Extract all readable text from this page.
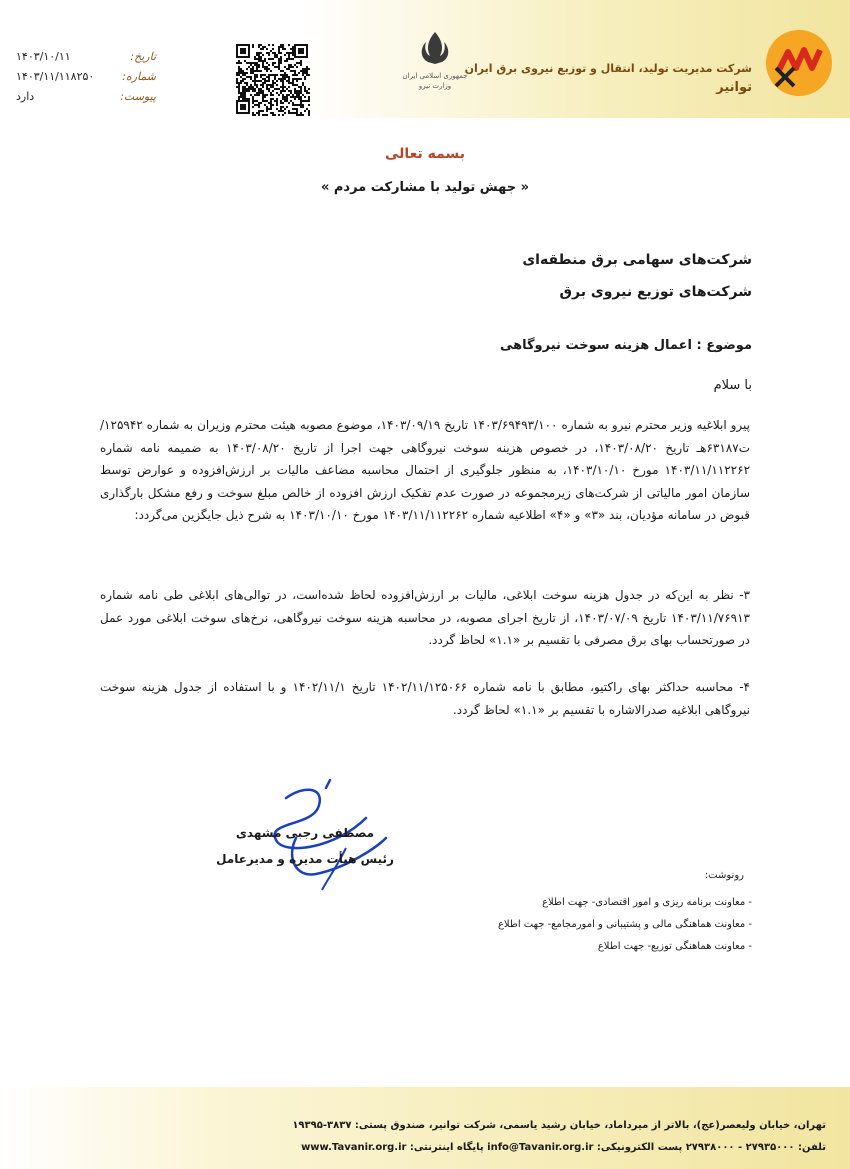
شرکت مدیریت تولید، انتقال و توزیع نیروی برق ایران
توانیر
جمهوری اسلامی ایران
وزارت نیرو
تاریخ:
۱۴۰۳/۱۰/۱۱
شماره:
۱۴۰۳/۱۱/۱۱۸۲۵۰
پیوست:
دارد
بسمه تعالی
« جهش تولید با مشارکت مردم »
شرکت‌های سهامی برق منطقه‌ای
شرکت‌های توزیع نیروی برق
موضوع : اعمال هزینه سوخت نیروگاهی
با سلام
پیرو ابلاغیه وزیر محترم نیرو به شماره ۱۴۰۳/۶۹۴۹۳/۱۰۰ تاریخ ۱۴۰۳/۰۹/۱۹، موضوع مصوبه هیئت محترم وزیران به شماره ۱۲۵۹۴۲/ت۶۳۱۸۷هـ تاریخ ۱۴۰۳/۰۸/۲۰، در خصوص هزینه سوخت نیروگاهی جهت اجرا از تاریخ ۱۴۰۳/۰۸/۲۰ به ضمیمه نامه شماره ۱۴۰۳/۱۱/۱۱۲۲۶۲ مورخ ۱۴۰۳/۱۰/۱۰، به منظور جلوگیری از احتمال محاسبه مضاعف مالیات بر ارزش‌افزوده و عوارض توسط سازمان امور مالیاتی از شرکت‌های زیرمجموعه در صورت عدم تفکیک ارزش افزوده از خالص مبلغ سوخت و رفع مشکل بارگذاری قبوض در سامانه مؤدیان، بند «۳» و «۴» اطلاعیه شماره ۱۴۰۳/۱۱/۱۱۲۲۶۲ مورخ ۱۴۰۳/۱۰/۱۰ به شرح ذیل جایگزین می‌گردد:
۳- نظر به این‌که در جدول هزینه سوخت ابلاغی، مالیات بر ارزش‌افزوده لحاظ شده‌است، در توالی‌های ابلاغی طی نامه شماره ۱۴۰۳/۱۱/۷۶۹۱۳ تاریخ ۱۴۰۳/۰۷/۰۹، از تاریخ اجرای مصوبه، در محاسبه هزینه سوخت نیروگاهی، نرخ‌های سوخت ابلاغی مورد عمل در صورتحساب بهای برق مصرفی با تقسیم بر «۱.۱» لحاظ گردد.
۴- محاسبه حداکثر بهای راکتیو، مطابق با نامه شماره ۱۴۰۲/۱۱/۱۲۵۰۶۶ تاریخ ۱۴۰۲/۱۱/۱ و با استفاده از جدول هزینه سوخت نیروگاهی ابلاغیه صدرالاشاره با تقسیم بر «۱.۱» لحاظ گردد.
مصطفی رجبی مشهدی
رئیس هیأت مدیره و مدیرعامل
رونوشت:
- معاونت برنامه ریزی و امور اقتصادی- جهت اطلاع
- معاونت هماهنگی مالی و پشتیبانی و امورمجامع- جهت اطلاع
- معاونت هماهنگی توزیع- جهت اطلاع
تهران، خیابان ولیعصر(عج)، بالاتر از میرداماد، خیابان رشید یاسمی، شرکت توانیر، صندوق پستی: ۳۸۳۷-۱۹۳۹۵
تلفن: ۲۷۹۳۵۰۰۰ - ۲۷۹۳۸۰۰۰ پست الکترونیکی: info@Tavanir.org.ir پایگاه اینترنتی: www.Tavanir.org.ir
